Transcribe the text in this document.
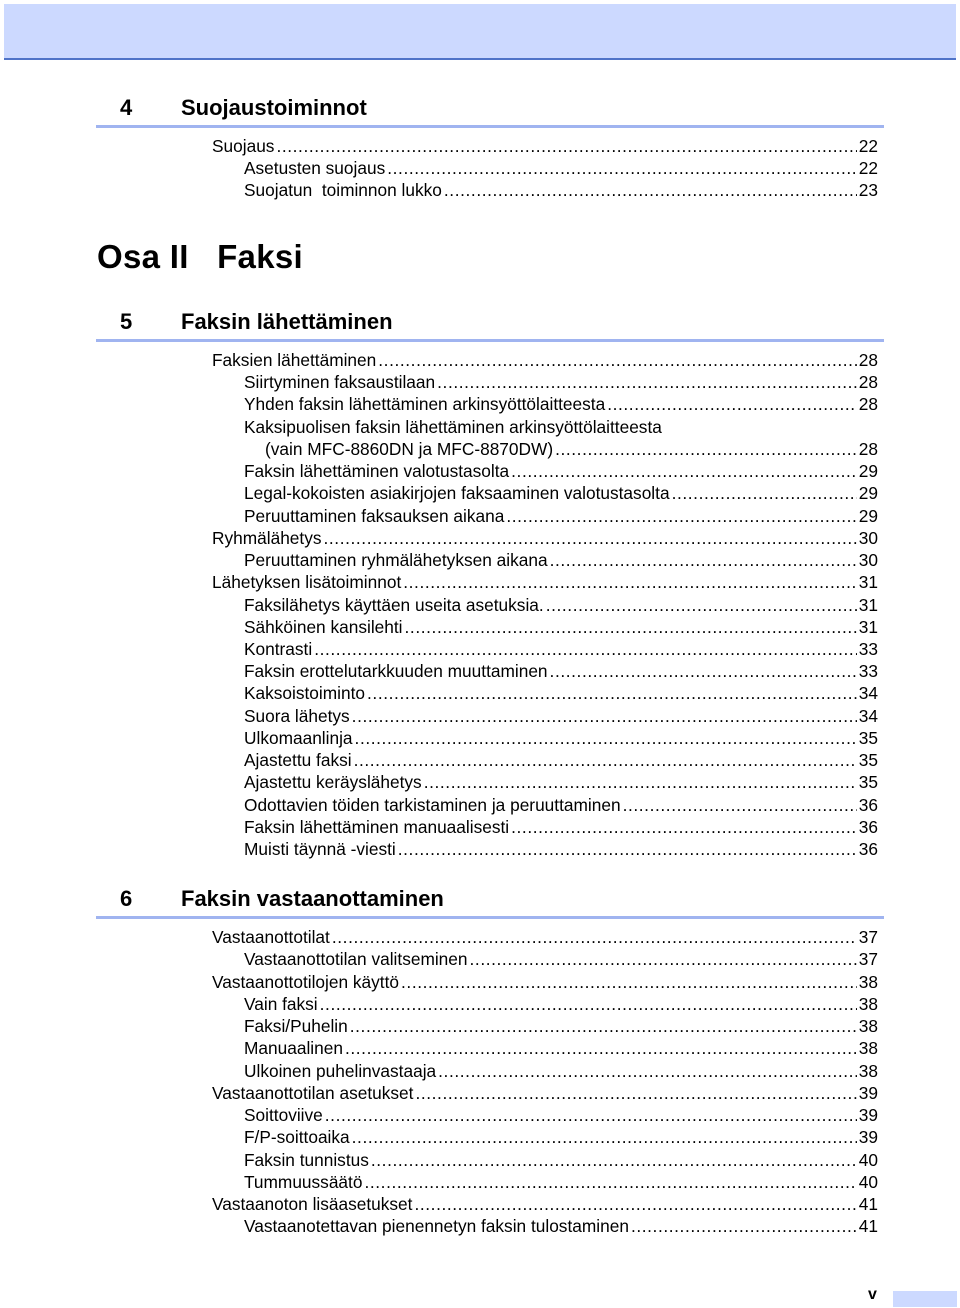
4 Suojaustoiminnot
Suojaus .....	22
Asetusten suojaus .....	22
Suojatun  toiminnon lukko .....	23
Osa II   Faksi
5 Faksin lähettäminen
Faksien lähettäminen .....	28
Siirtyminen faksaustilaan .....	28
Yhden faksin lähettäminen arkinsyöttölaitteesta .....	28
Kaksipuolisen faksin lähettäminen arkinsyöttölaitteesta
(vain MFC-8860DN ja MFC-8870DW) .....	28
Faksin lähettäminen valotustasolta .....	29
Legal-kokoisten asiakirjojen faksaaminen valotustasolta .....	29
Peruuttaminen faksauksen aikana .....	29
Ryhmälähetys .....	30
Peruuttaminen ryhmälähetyksen aikana .....	30
Lähetyksen lisätoiminnot .....	31
Faksilähetys käyttäen useita asetuksia. .....	31
Sähköinen kansilehti .....	31
Kontrasti .....	33
Faksin erottelutarkkuuden muuttaminen .....	33
Kaksoistoiminto .....	34
Suora lähetys .....	34
Ulkomaanlinja .....	35
Ajastettu faksi .....	35
Ajastettu keräyslähetys .....	35
Odottavien töiden tarkistaminen ja peruuttaminen .....	36
Faksin lähettäminen manuaalisesti .....	36
Muisti täynnä -viesti .....	36
6 Faksin vastaanottaminen
Vastaanottotilat .....	37
Vastaanottotilan valitseminen .....	37
Vastaanottotilojen käyttö .....	38
Vain faksi .....	38
Faksi/Puhelin .....	38
Manuaalinen .....	38
Ulkoinen puhelinvastaaja .....	38
Vastaanottotilan asetukset .....	39
Soittoviive .....	39
F/P-soittoaika .....	39
Faksin tunnistus .....	40
Tummuussäätö .....	40
Vastaanoton lisäasetukset .....	41
Vastaanotettavan pienennetyn faksin tulostaminen .....	41
v
